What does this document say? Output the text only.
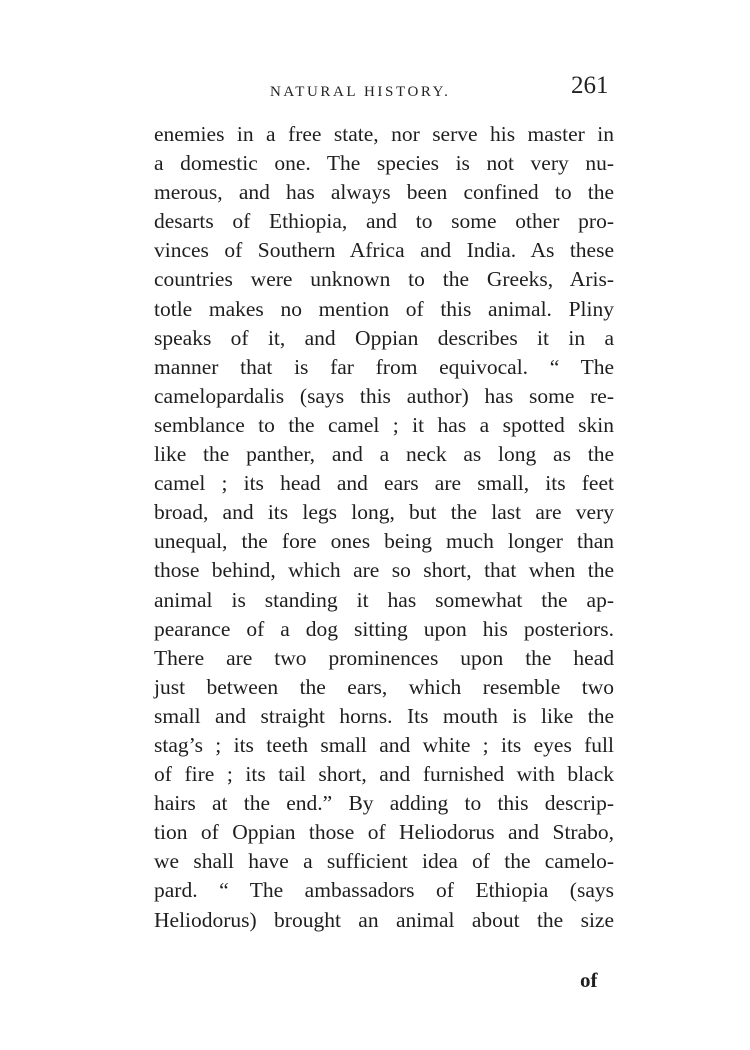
NATURAL HISTORY.	261
enemies in a free state, nor serve his master in
a domestic one. The species is not very nu-
merous, and has always been confined to the
desarts of Ethiopia, and to some other pro-
vinces of Southern Africa and India. As these
countries were unknown to the Greeks, Aris-
totle makes no mention of this animal. Pliny
speaks of it, and Oppian describes it in a
manner that is far from equivocal. “ The
camelopardalis (says this author) has some re-
semblance to the camel ; it has a spotted skin
like the panther, and a neck as long as the
camel ; its head and ears are small, its feet
broad, and its legs long, but the last are very
unequal, the fore ones being much longer than
those behind, which are so short, that when the
animal is standing it has somewhat the ap-
pearance of a dog sitting upon his posteriors.
There are two prominences upon the head
just between the ears, which resemble two
small and straight horns. Its mouth is like the
stag’s ; its teeth small and white ; its eyes full
of fire ; its tail short, and furnished with black
hairs at the end.” By adding to this descrip-
tion of Oppian those of Heliodorus and Strabo,
we shall have a sufficient idea of the camelo-
pard. “ The ambassadors of Ethiopia (says
Heliodorus) brought an animal about the size
of
